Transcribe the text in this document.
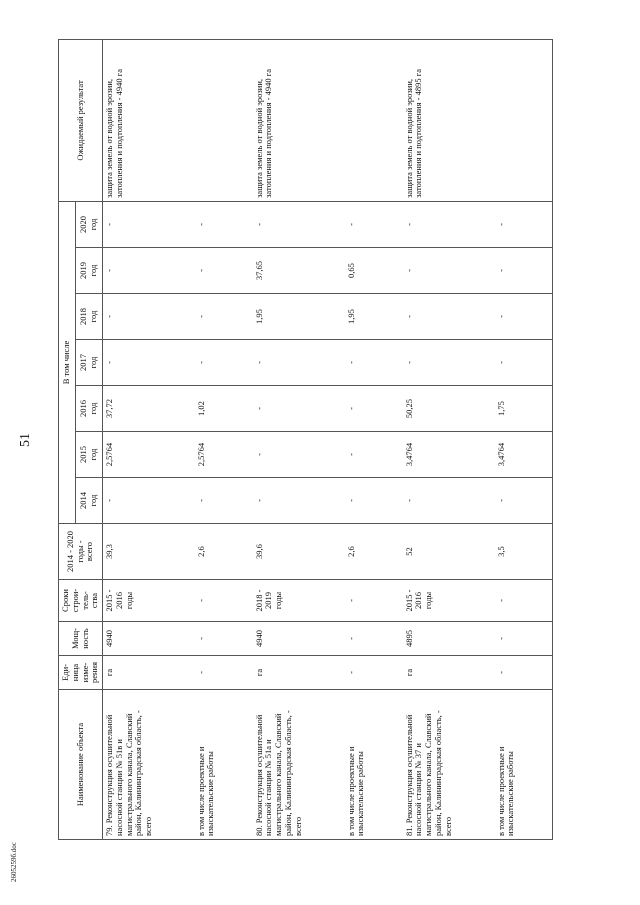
51
Наименование объекта	Еди-
ница
изме-
рения	Мощ-
ность	Сроки
строи-
тель-
ства	2014 - 2020
годы -
всего	В том числе							Ожидаемый результат
					2014
год	2015
год	2016
год	2017
год	2018
год	2019
год	2020
год	
79. Реконструкция осушительной насосной станции № 51в и магистрального канала, Славский район, Калининградская область, - всего	га	4940	2015 -
2016
годы	39,3	-	2,5764	37,72	-	-	-	-	защита земель от водной эрозии, затопления и подтопления - 4940 га
в том числе проектные и изыскательские работы	-	-	-	2,6	-	2,5764	1,02	-	-	-	-	
80. Реконструкция осушительной насосной станции № 51а и магистрального канала, Славский район, Калининградская область, - всего	га	4940	2018 -
2019
годы	39,6	-	-	-	-	1,95	37,65	-	защита земель от водной эрозии, затопления и подтопления - 4940 га
в том числе проектные и изыскательские работы	-	-	-	2,6	-	-	-	-	1,95	0,65	-	
81. Реконструкция осушительной насосной станции № 37 и магистрального канала, Славский район, Калининградская область, - всего	га	4895	2015 -
2016
годы	52	-	3,4764	50,25	-	-	-	-	защита земель от водной эрозии, затопления и подтопления - 4895 га
в том числе проектные и изыскательские работы	-	-	-	3,5	-	3,4764	1,75	-	-	-	-	
2605259б.doc
